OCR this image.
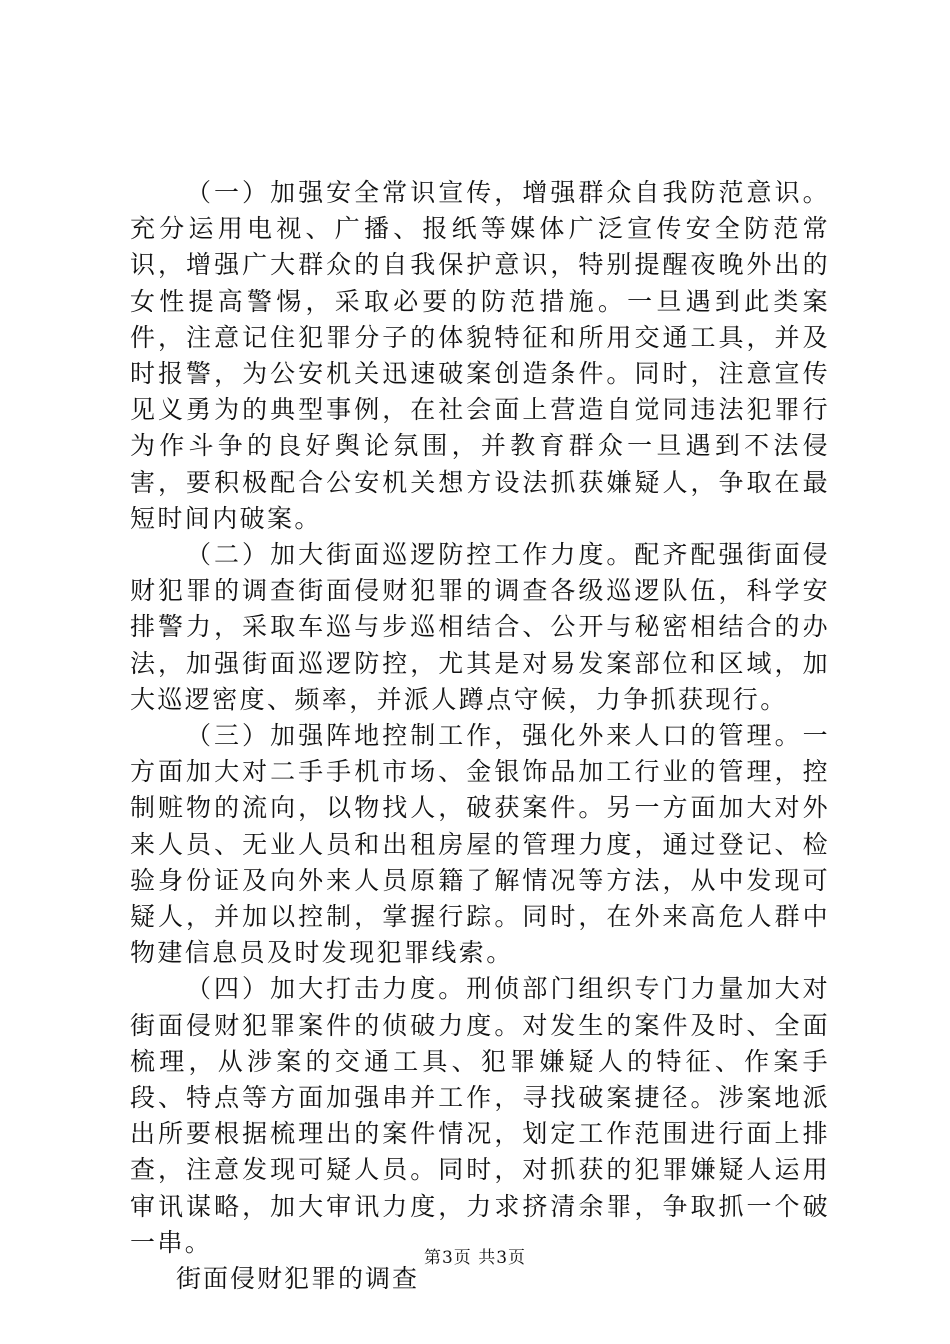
（一）加强安全常识宣传，增强群众自我防范意识。充分运用电视、广播、报纸等媒体广泛宣传安全防范常识，增强广大群众的自我保护意识，特别提醒夜晚外出的女性提高警惕，采取必要的防范措施。一旦遇到此类案件，注意记住犯罪分子的体貌特征和所用交通工具，并及时报警，为公安机关迅速破案创造条件。同时，注意宣传见义勇为的典型事例，在社会面上营造自觉同违法犯罪行为作斗争的良好舆论氛围，并教育群众一旦遇到不法侵害，要积极配合公安机关想方设法抓获嫌疑人，争取在最短时间内破案。

（二）加大街面巡逻防控工作力度。配齐配强街面侵财犯罪的调查街面侵财犯罪的调查各级巡逻队伍，科学安排警力，采取车巡与步巡相结合、公开与秘密相结合的办法，加强街面巡逻防控，尤其是对易发案部位和区域，加大巡逻密度、频率，并派人蹲点守候，力争抓获现行。

（三）加强阵地控制工作，强化外来人口的管理。一方面加大对二手手机市场、金银饰品加工行业的管理，控制赃物的流向，以物找人，破获案件。另一方面加大对外来人员、无业人员和出租房屋的管理力度，通过登记、检验身份证及向外来人员原籍了解情况等方法，从中发现可疑人，并加以控制，掌握行踪。同时，在外来高危人群中物建信息员及时发现犯罪线索。

（四）加大打击力度。刑侦部门组织专门力量加大对街面侵财犯罪案件的侦破力度。对发生的案件及时、全面梳理，从涉案的交通工具、犯罪嫌疑人的特征、作案手段、特点等方面加强串并工作，寻找破案捷径。涉案地派出所要根据梳理出的案件情况，划定工作范围进行面上排查，注意发现可疑人员。同时，对抓获的犯罪嫌疑人运用审讯谋略，加大审讯力度，力求挤清余罪，争取抓一个破一串。

街面侵财犯罪的调查

第3页 共3页
